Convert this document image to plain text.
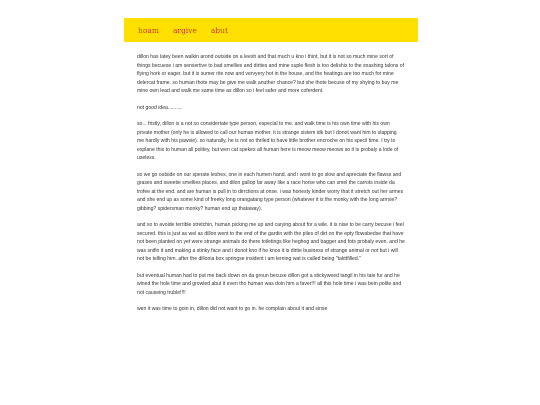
hoam argive abut

dillon has latey been walkin arond outside on a leesh and that much u kno i thint, but it is not so much mine sort of things becuese i am sensertive to bad smellies and dirties and mine suple flesh is too delishis to the snashing talons of flying hork or eager. but it is sumer rite now and vervyery hot in the house, and the heatings are too much for mine delercat frame. so human thote may be give me walk anuther chance? but she thote becuse of my shying to buy me mine own lead and walk me same time as dillon so i feel safer and more coferdent.

not good idea..........

so... fristly, dillon is a not so considertate type person, especial to me. and walk time is his own time with his own private mother (only he is allowed to call our human mother. it is strange sistem idk but I donot want him to slapping me hardly with his pawsie). so naturally, he is not so thriled to have little brother encroche on his specil time. I try to explane this to human all politey, but wen cat spekes all human here is meow meow meows so it is probaly a lode of useless.

so we go outside on our sperate leshes, one in each humen hand. and i wont to go slow and apreciate the flawss and grases and sweetie smellies places, and dilon gallop far away like a race horse who can smel the carrots inside da trofee at the end. and are human is pull in to dirrctions at onse. i was honesty kinder worry that it stretch out her armes and she end up as some kind of freeky long orangatang type person (whatever it is the monky with the long arrrsie? gibbing? spidersman monky? human end up thataway).

and so to avoide terrible stretchin, human picking me up and carying about for a wile. it is nise to be carry becuse i feel secured. this is just as wel as dillon went to the end of the gardin with the piles of dirt on the epty flowabedse that have not been planted on yet were strange animals do there toiletings like heghog and bagger and fots probaly even. and he was snifin it and making a stinky face and i donot kno if he knos it is dirtie business of strange animal or not but i will not be telling him. after the dillonia box springse insident i am lerning wat is called being "takttfilled."

but eventual human had to put me back down on da groun becuse dillon got a stickyweed tangil in his tale fur and he wined the hole time and growled abut it even tho human was doin him a faver!!! all this hole time i was bein polite and not causeing truble!!!!

wen it was time to goin in, dillon did not want to go in. he complain about it and sinse
